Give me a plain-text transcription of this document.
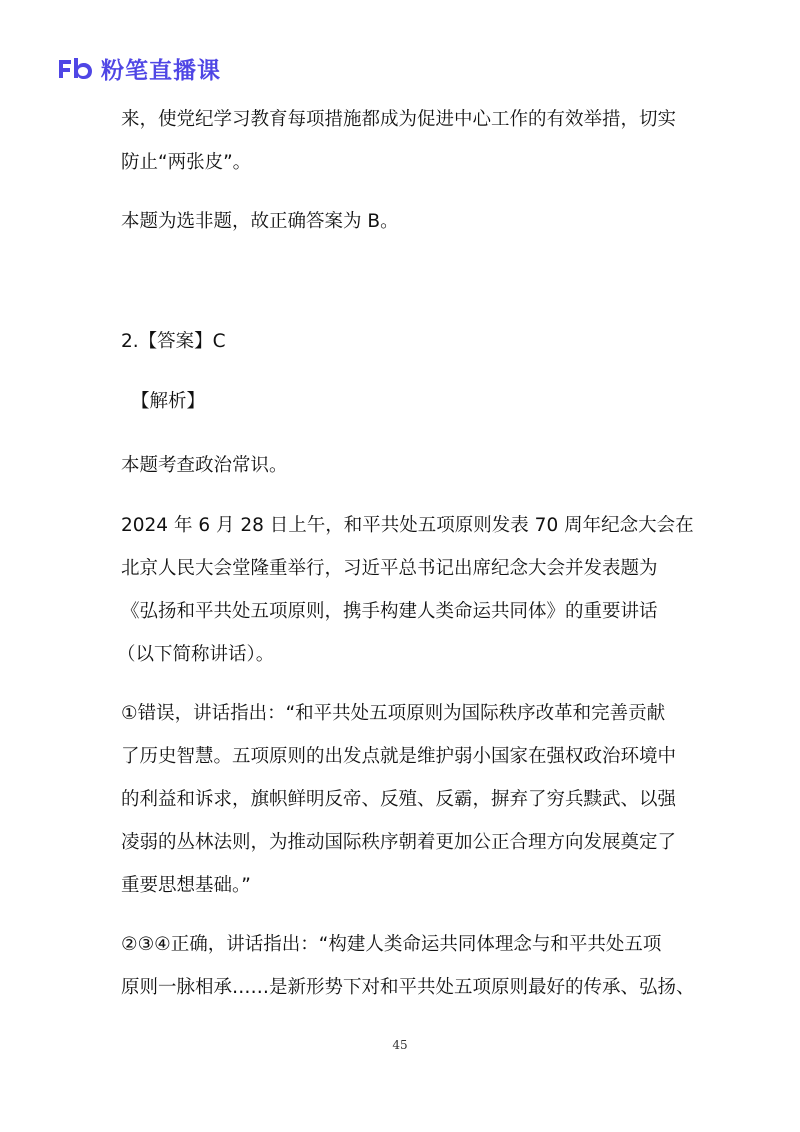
粉笔直播课
来，使党纪学习教育每项措施都成为促进中心工作的有效举措，切实
防止“两张皮”。
本题为选非题，故正确答案为 B。
2.【答案】C
【解析】
本题考查政治常识。
2024 年 6 月 28 日上午，和平共处五项原则发表 70 周年纪念大会在
北京人民大会堂隆重举行，习近平总书记出席纪念大会并发表题为
《弘扬和平共处五项原则，携手构建人类命运共同体》的重要讲话
（以下简称讲话）。
①错误，讲话指出：“和平共处五项原则为国际秩序改革和完善贡献
了历史智慧。五项原则的出发点就是维护弱小国家在强权政治环境中
的利益和诉求，旗帜鲜明反帝、反殖、反霸，摒弃了穷兵黩武、以强
凌弱的丛林法则，为推动国际秩序朝着更加公正合理方向发展奠定了
重要思想基础。”
②③④正确，讲话指出：“构建人类命运共同体理念与和平共处五项
原则一脉相承……是新形势下对和平共处五项原则最好的传承、弘扬、
45
